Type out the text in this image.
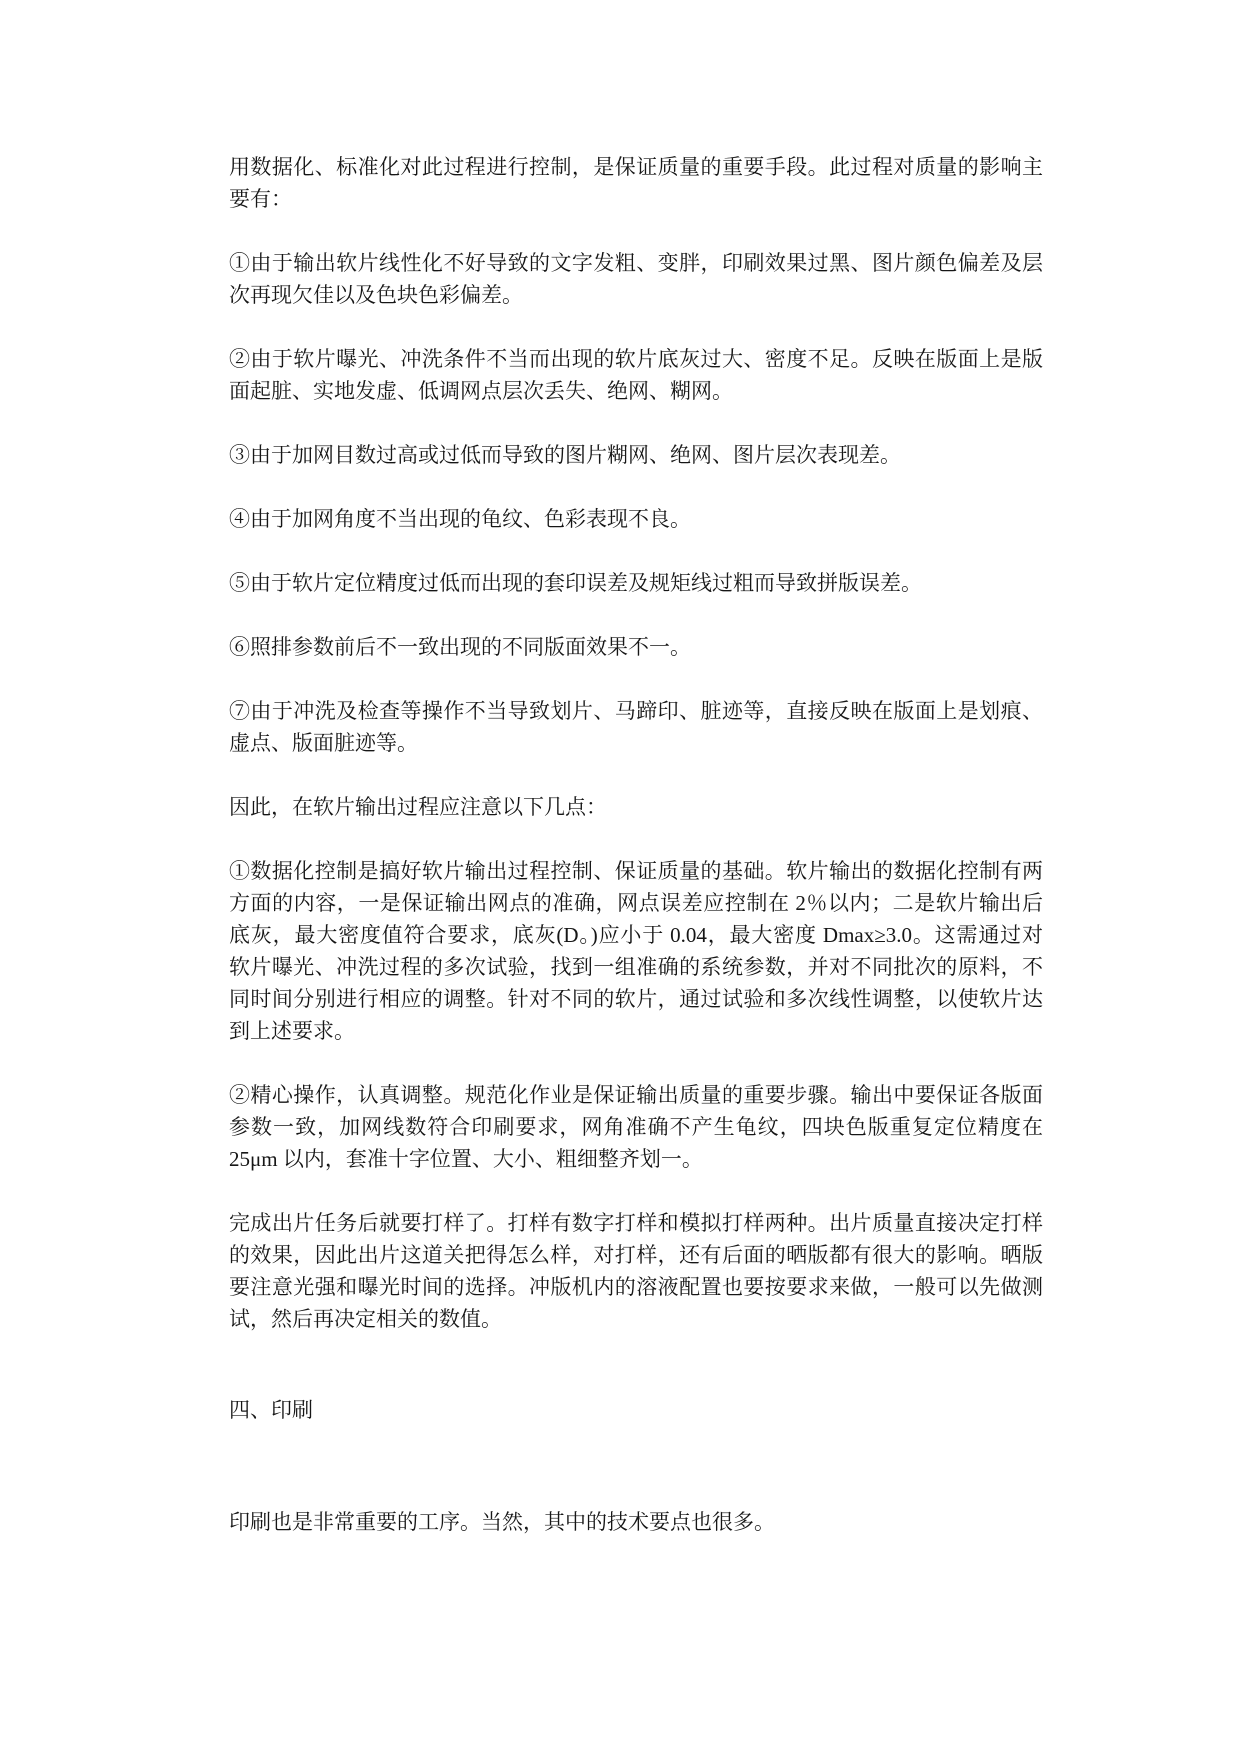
用数据化、标准化对此过程进行控制，是保证质量的重要手段。此过程对质量的影响主
要有：
①由于输出软片线性化不好导致的文字发粗、变胖，印刷效果过黑、图片颜色偏差及层
次再现欠佳以及色块色彩偏差。
②由于软片曝光、冲洗条件不当而出现的软片底灰过大、密度不足。反映在版面上是版
面起脏、实地发虚、低调网点层次丢失、绝网、糊网。
③由于加网目数过高或过低而导致的图片糊网、绝网、图片层次表现差。
④由于加网角度不当出现的龟纹、色彩表现不良。
⑤由于软片定位精度过低而出现的套印误差及规矩线过粗而导致拼版误差。
⑥照排参数前后不一致出现的不同版面效果不一。
⑦由于冲洗及检查等操作不当导致划片、马蹄印、脏迹等，直接反映在版面上是划痕、
虚点、版面脏迹等。
因此，在软片输出过程应注意以下几点：
①数据化控制是搞好软片输出过程控制、保证质量的基础。软片输出的数据化控制有两
方面的内容，一是保证输出网点的准确，网点误差应控制在 2％以内；二是软片输出后
底灰，最大密度值符合要求，底灰(D。)应小于 0.04，最大密度 Dmax≥3.0。这需通过对
软片曝光、冲洗过程的多次试验，找到一组准确的系统参数，并对不同批次的原料，不
同时间分别进行相应的调整。针对不同的软片，通过试验和多次线性调整，以使软片达
到上述要求。
②精心操作，认真调整。规范化作业是保证输出质量的重要步骤。输出中要保证各版面
参数一致，加网线数符合印刷要求，网角准确不产生龟纹，四块色版重复定位精度在
25μm 以内，套准十字位置、大小、粗细整齐划一。
完成出片任务后就要打样了。打样有数字打样和模拟打样两种。出片质量直接决定打样
的效果，因此出片这道关把得怎么样，对打样，还有后面的晒版都有很大的影响。晒版
要注意光强和曝光时间的选择。冲版机内的溶液配置也要按要求来做，一般可以先做测
试，然后再决定相关的数值。
四、印刷
印刷也是非常重要的工序。当然，其中的技术要点也很多。
